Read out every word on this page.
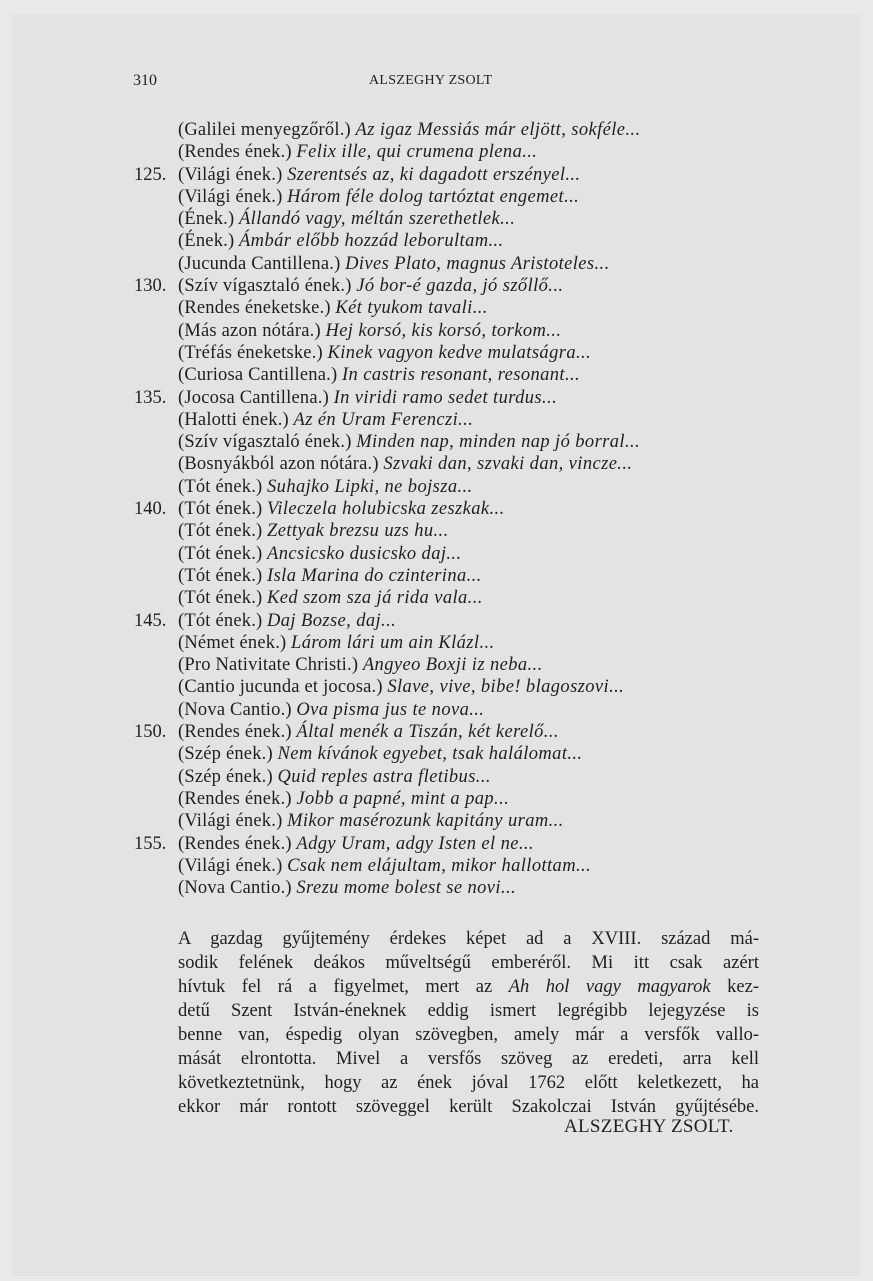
310	ALSZEGHY ZSOLT
(Galilei menyegzőről.) Az igaz Messiás már eljött, sokféle...
(Rendes ének.) Felix ille, qui crumena plena...
125. (Világi ének.) Szerentsés az, ki dagadott erszényel...
(Világi ének.) Három féle dolog tartóztat engemet...
(Ének.) Állandó vagy, méltán szerethetlek...
(Ének.) Ámbár előbb hozzád leborultam...
(Jucunda Cantillena.) Dives Plato, magnus Aristoteles...
130. (Szív vígasztaló ének.) Jó bor-é gazda, jó szőllő...
(Rendes éneketske.) Két tyukom tavali...
(Más azon nótára.) Hej korsó, kis korsó, torkom...
(Tréfás éneketske.) Kinek vagyon kedve mulatságra...
(Curiosa Cantillena.) In castris resonant, resonant...
135. (Jocosa Cantillena.) In viridi ramo sedet turdus...
(Halotti ének.) Az én Uram Ferenczi...
(Szív vígasztaló ének.) Minden nap, minden nap jó borral...
(Bosnyákból azon nótára.) Szvaki dan, szvaki dan, vincze...
(Tót ének.) Suhajko Lipki, ne bojsza...
140. (Tót ének.) Vileczela holubicska zeszkak...
(Tót ének.) Zettyak brezsu uzs hu...
(Tót ének.) Ancsicsko dusicsko daj...
(Tót ének.) Isla Marina do czinterina...
(Tót ének.) Ked szom sza já rida vala...
145. (Tót ének.) Daj Bozse, daj...
(Német ének.) Lárom lári um ain Klázl...
(Pro Nativitate Christi.) Angyeo Boxji iz neba...
(Cantio jucunda et jocosa.) Slave, vive, bibe! blagoszovi...
(Nova Cantio.) Ova pisma jus te nova...
150. (Rendes ének.) Által menék a Tiszán, két kerelő...
(Szép ének.) Nem kívánok egyebet, tsak halálomat...
(Szép ének.) Quid reples astra fletibus...
(Rendes ének.) Jobb a papné, mint a pap...
(Világi ének.) Mikor masérozunk kapitány uram...
155. (Rendes ének.) Adgy Uram, adgy Isten el ne...
(Világi ének.) Csak nem elájultam, mikor hallottam...
(Nova Cantio.) Srezu mome bolest se novi...
A gazdag gyűjtemény érdekes képet ad a XVIII. század má-
sodik felének deákos műveltségű emberéről. Mi itt csak azért
hívtuk fel rá a figyelmet, mert az Ah hol vagy magyarok kez-
detű Szent István-éneknek eddig ismert legrégibb lejegyzése is
benne van, éspedig olyan szövegben, amely már a versfők vallo-
mását elrontotta. Mivel a versfős szöveg az eredeti, arra kell
következtetnünk, hogy az ének jóval 1762 előtt keletkezett, ha
ekkor már rontott szöveggel került Szakolczai István gyűjtésébe.
ALSZEGHY ZSOLT.
